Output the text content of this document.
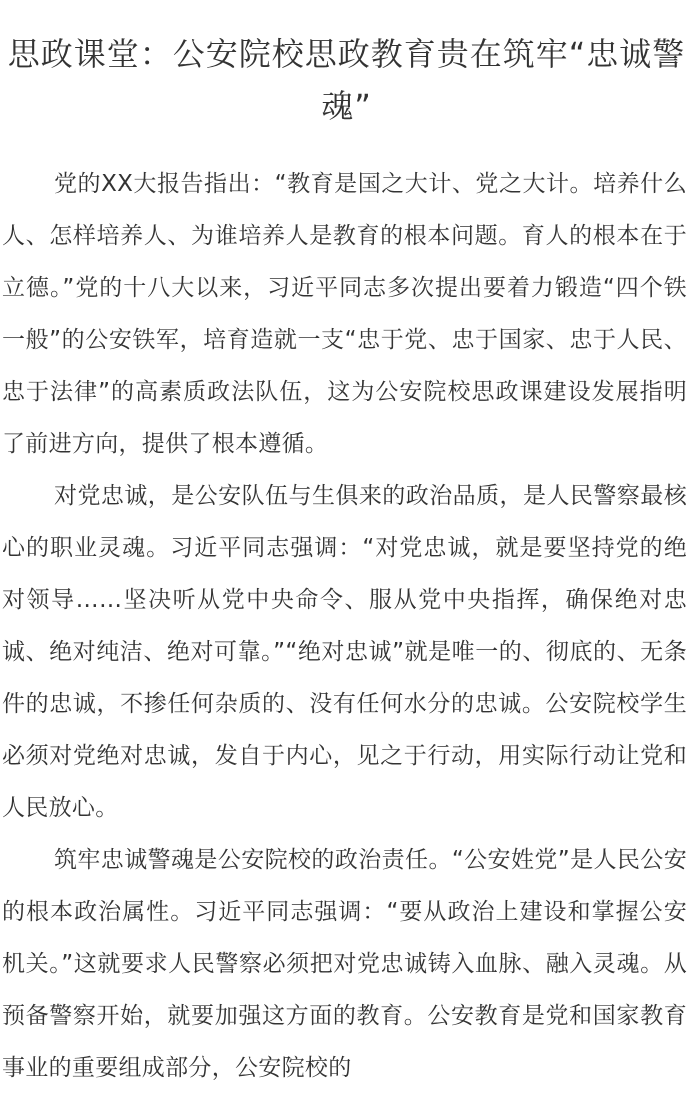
思政课堂：公安院校思政教育贵在筑牢“忠诚警魂”

党的XX大报告指出：“教育是国之大计、党之大计。培养什么人、怎样培养人、为谁培养人是教育的根本问题。育人的根本在于立德。”党的十八大以来，习近平同志多次提出要着力锻造“四个铁一般”的公安铁军，培育造就一支“忠于党、忠于国家、忠于人民、忠于法律”的高素质政法队伍，这为公安院校思政课建设发展指明了前进方向，提供了根本遵循。

对党忠诚，是公安队伍与生俱来的政治品质，是人民警察最核心的职业灵魂。习近平同志强调：“对党忠诚，就是要坚持党的绝对领导……坚决听从党中央命令、服从党中央指挥，确保绝对忠诚、绝对纯洁、绝对可靠。”“绝对忠诚”就是唯一的、彻底的、无条件的忠诚，不掺任何杂质的、没有任何水分的忠诚。公安院校学生必须对党绝对忠诚，发自于内心，见之于行动，用实际行动让党和人民放心。

筑牢忠诚警魂是公安院校的政治责任。“公安姓党”是人民公安的根本政治属性。习近平同志强调：“要从政治上建设和掌握公安机关。”这就要求人民警察必须把对党忠诚铸入血脉、融入灵魂。从预备警察开始，就要加强这方面的教育。公安教育是党和国家教育事业的重要组成部分，公安院校的
